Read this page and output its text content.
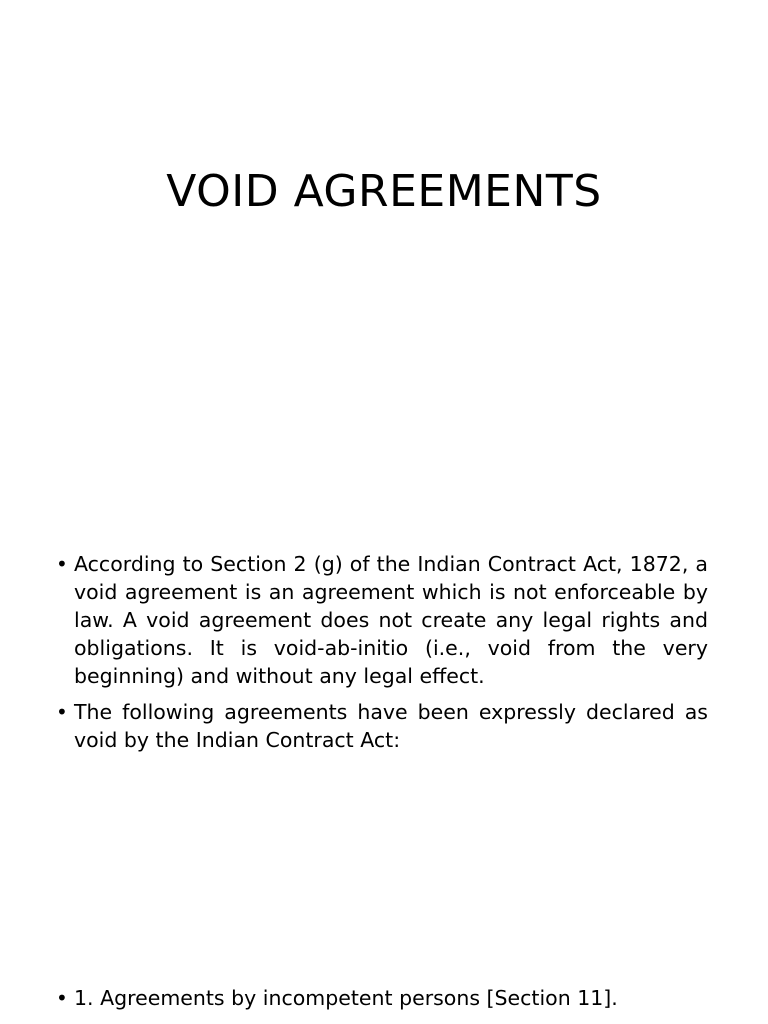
VOID AGREEMENTS
• According to Section 2 (g) of the Indian Contract Act, 1872, a void agreement is an agreement which is not enforceable by law. A void agreement does not create any legal rights and obligations. It is void-ab-initio (i.e., void from the very beginning) and without any legal effect.
• The following agreements have been expressly declared as void by the Indian Contract Act:
• 1. Agreements by incompetent persons [Section 11].
